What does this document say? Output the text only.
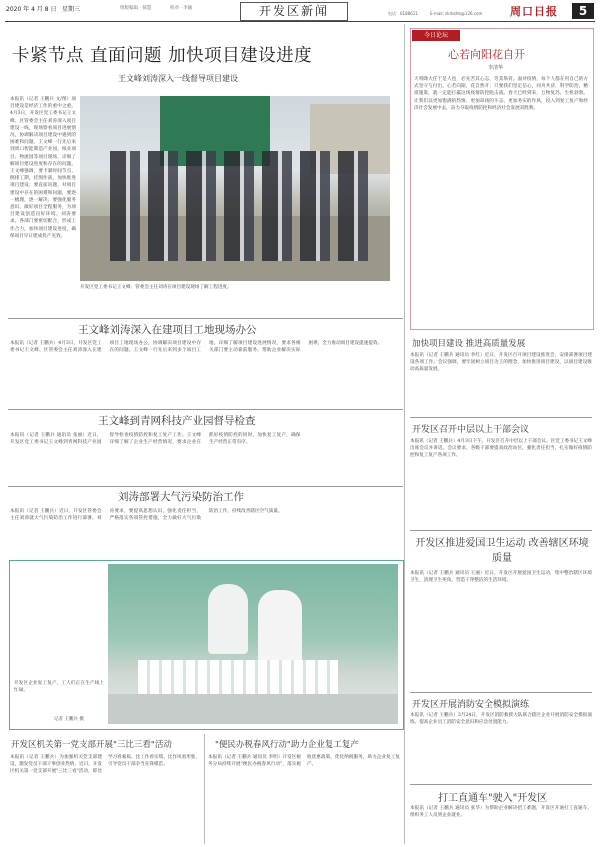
2020 年 4 月 8 日 星期三	组版编辑 · 郝慧	校对 · 李颖	开发区新闻	周口日报	5
电话：6188611	E-mail: zkrbzhb@126.com
卡紧节点 直面问题 加快项目建设进度
王文峰刘涛深入一线督导项目建设
本报讯（记者 王鹏兵 文/图）项目建设是经济工作的重中之重。4月3日，开发区党工委书记王文峰、区管委会主任刘涛深入项目建设一线，现场察看项目进展情况，协调解决项目建设中遇到的困难和问题。王文峰一行先后来到周口智能制造产业园、纸业项目、物流园等项目现场，详细了解项目建设进度和存在的问题。王文峰强调，要卡紧时间节点，倒排工期，挂图作战，加快推进项目建设；要直面问题，对项目建设中存在的困难和问题，要逐一梳理，逐一解决；要强化服务意识，做好项目全程服务，为项目建设创造良好环境。刘涛要求，各部门要密切配合，形成工作合力，加快项目建设进度，确保项目早日建成投产见效。
开发区党工委书记王文峰、管委会主任刘涛在项目建设现场了解工程进度。
今日论坛
心若向阳花自开
李清华
天将降大任于是人也，必先苦其心志，劳其筋骨。面对疫情，每个人都在用自己的方式坚守与付出。心若向阳，花自然开；只要我们坚定信心，同舟共济，科学防治，精准施策，就一定能打赢这场疫情防控阻击战。春天已经到来，万物复苏，生机勃勃。让我们以更加饱满的热情、更加昂扬的斗志、更加务实的作风，投入到复工复产和经济社会发展中去，奋力夺取疫情防控和经济社会发展双胜利。
加快项目建设 推进高质量发展
本报讯（记者 王鹏兵 通讯员 李红）近日，开发区召开项目建设推进会，安排部署项目建设各项工作。会议强调，要牢固树立项目为王的理念，加快推进项目建设，以项目建设推动高质量发展。
开发区召开中层以上干部会议
本报讯（记者 王鹏兵）4月3日下午，开发区召开中层以上干部会议。区党工委书记王文峰出席会议并讲话。会议要求，各级干部要提高政治站位，强化责任担当，扎实做好疫情防控和复工复产各项工作。
开发区推进爱国卫生运动 改善辖区环境质量
本报讯（记者 王鹏兵 通讯员 王丽）近日，开发区开展爱国卫生运动，集中整治辖区环境卫生，清理卫生死角，营造干净整洁的生活环境。
开发区开展消防安全模拟演练
本报讯（记者 王鹏兵）3月24日，开发区消防救援大队联合辖区企业开展消防安全模拟演练，提高企业员工消防安全意识和应急处置能力。
打工直通车"驶入"开发区
本报讯（记者 王鹏兵 通讯员 张华）为帮助企业解决招工难题，开发区开通打工直通车，组织务工人员到企业就业。
王文峰刘涛深入在建项目工地现场办公
本报讯（记者 王鹏兵）4月3日，开发区党工委书记王文峰、区管委会主任刘涛深入在建项目工地现场办公，协调解决项目建设中存在的问题。王文峰一行先后来到多个项目工地，详细了解项目建设进展情况，要求各相关部门要主动靠前服务，帮助企业解决实际困难，全力推动项目建设提速提效。
王文峰到青网科技产业园督导检查
本报讯（记者 王鹏兵 通讯员 张丽）近日，开发区党工委书记王文峰到青网科技产业园督导检查疫情防控和复工复产工作。王文峰详细了解了企业生产经营情况，要求企业在抓好疫情防控的同时，加快复工复产，确保生产经营正常有序。
刘涛部署大气污染防治工作
本报讯（记者 王鹏兵）近日，开发区管委会主任刘涛就大气污染防治工作进行部署。刘涛要求，要提高思想认识，强化责任担当，严格落实各项管控措施，全力做好大气污染防治工作，持续改善辖区空气质量。
开发区企业复工复产，工人们正在生产线上忙碌。
记者 王鹏兵 摄
开发区机关第一党支部开展"三比三看"活动
本报讯（记者 王鹏兵）为加强机关党支部建设，激发党员干部干事创业热情，近日，开发区机关第一党支部开展"三比三看"活动，即比学习看素质、比工作看实绩、比作风看形象，引导党员干部争当先锋模范。
"便民办税春风行动"助力企业复工复产
本报讯（记者 王鹏兵 通讯员 李明）开发区税务分局持续开展"便民办税春风行动"，落实税收优惠政策，优化纳税服务，助力企业复工复产。
